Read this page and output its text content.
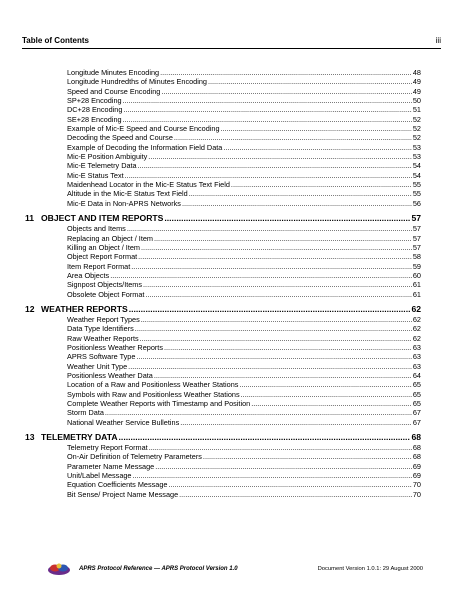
Table of Contents	iii
Longitude Minutes Encoding .....	48
Longitude Hundredths of Minutes Encoding .....	49
Speed and Course Encoding .....	49
SP+28 Encoding .....	50
DC+28 Encoding .....	51
SE+28 Encoding .....	52
Example of Mic-E Speed and Course Encoding .....	52
Decoding the Speed and Course .....	52
Example of Decoding the Information Field Data .....	53
Mic-E Position Ambiguity .....	53
Mic-E Telemetry Data .....	54
Mic-E Status Text .....	54
Maidenhead Locator in the Mic-E Status Text Field .....	55
Altitude in the Mic-E Status Text Field .....	55
Mic-E Data in Non-APRS Networks .....	56
11 OBJECT AND ITEM REPORTS .....	57
Objects and Items .....	57
Replacing an Object / Item .....	57
Killing an Object / Item .....	57
Object Report Format .....	58
Item Report Format .....	59
Area Objects .....	60
Signpost Objects/Items .....	61
Obsolete Object Format .....	61
12 WEATHER REPORTS .....	62
Weather Report Types .....	62
Data Type Identifiers .....	62
Raw Weather Reports .....	62
Positionless Weather Reports .....	63
APRS Software Type .....	63
Weather Unit Type .....	63
Positionless Weather Data .....	64
Location of a Raw and Positionless Weather Stations .....	65
Symbols with Raw and Positionless Weather Stations .....	65
Complete Weather Reports with Timestamp and Position .....	65
Storm Data .....	67
National Weather Service Bulletins .....	67
13 TELEMETRY DATA .....	68
Telemetry Report Format .....	68
On-Air Definition of Telemetry Parameters .....	68
Parameter Name Message .....	69
Unit/Label Message .....	69
Equation Coefficients Message .....	70
Bit Sense/ Project Name Message .....	70
APRS Protocol Reference — APRS Protocol Version 1.0	Document Version 1.0.1: 29 August 2000
